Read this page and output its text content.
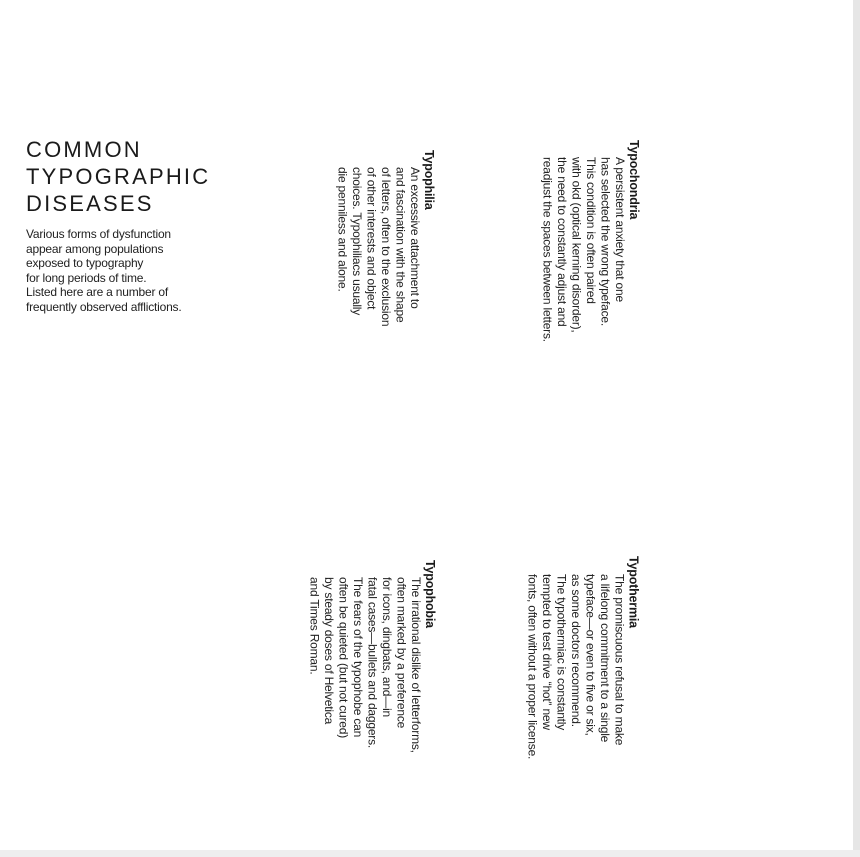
COMMON
TYPOGRAPHIC
DISEASES

Various forms of dysfunction
appear among populations
exposed to typography
for long periods of time.
Listed here are a number of
frequently observed afflictions.

Typochondria

A persistent anxiety that one
has selected the wrong typeface.
This condition is often paired
with okd (optical kerning disorder),
the need to constantly adjust and
readjust the spaces between letters.

Typophilia

An excessive attachment to
and fascination with the shape
of letters, often to the exclusion
of other interests and object
choices. Typophiliacs usually
die penniless and alone.

Typothermia

The promiscuous refusal to make
a lifelong commitment to a single
typeface—or even to five or six,
as some doctors recommend.
The typothermiac is constantly
tempted to test drive “hot” new
fonts, often without a proper license.

Typophobia

The irrational dislike of letterforms,
often marked by a preference
for icons, dingbats, and—in
fatal cases—bullets and daggers.
The fears of the typophobe can
often be quieted (but not cured)
by steady doses of Helvetica
and Times Roman.
